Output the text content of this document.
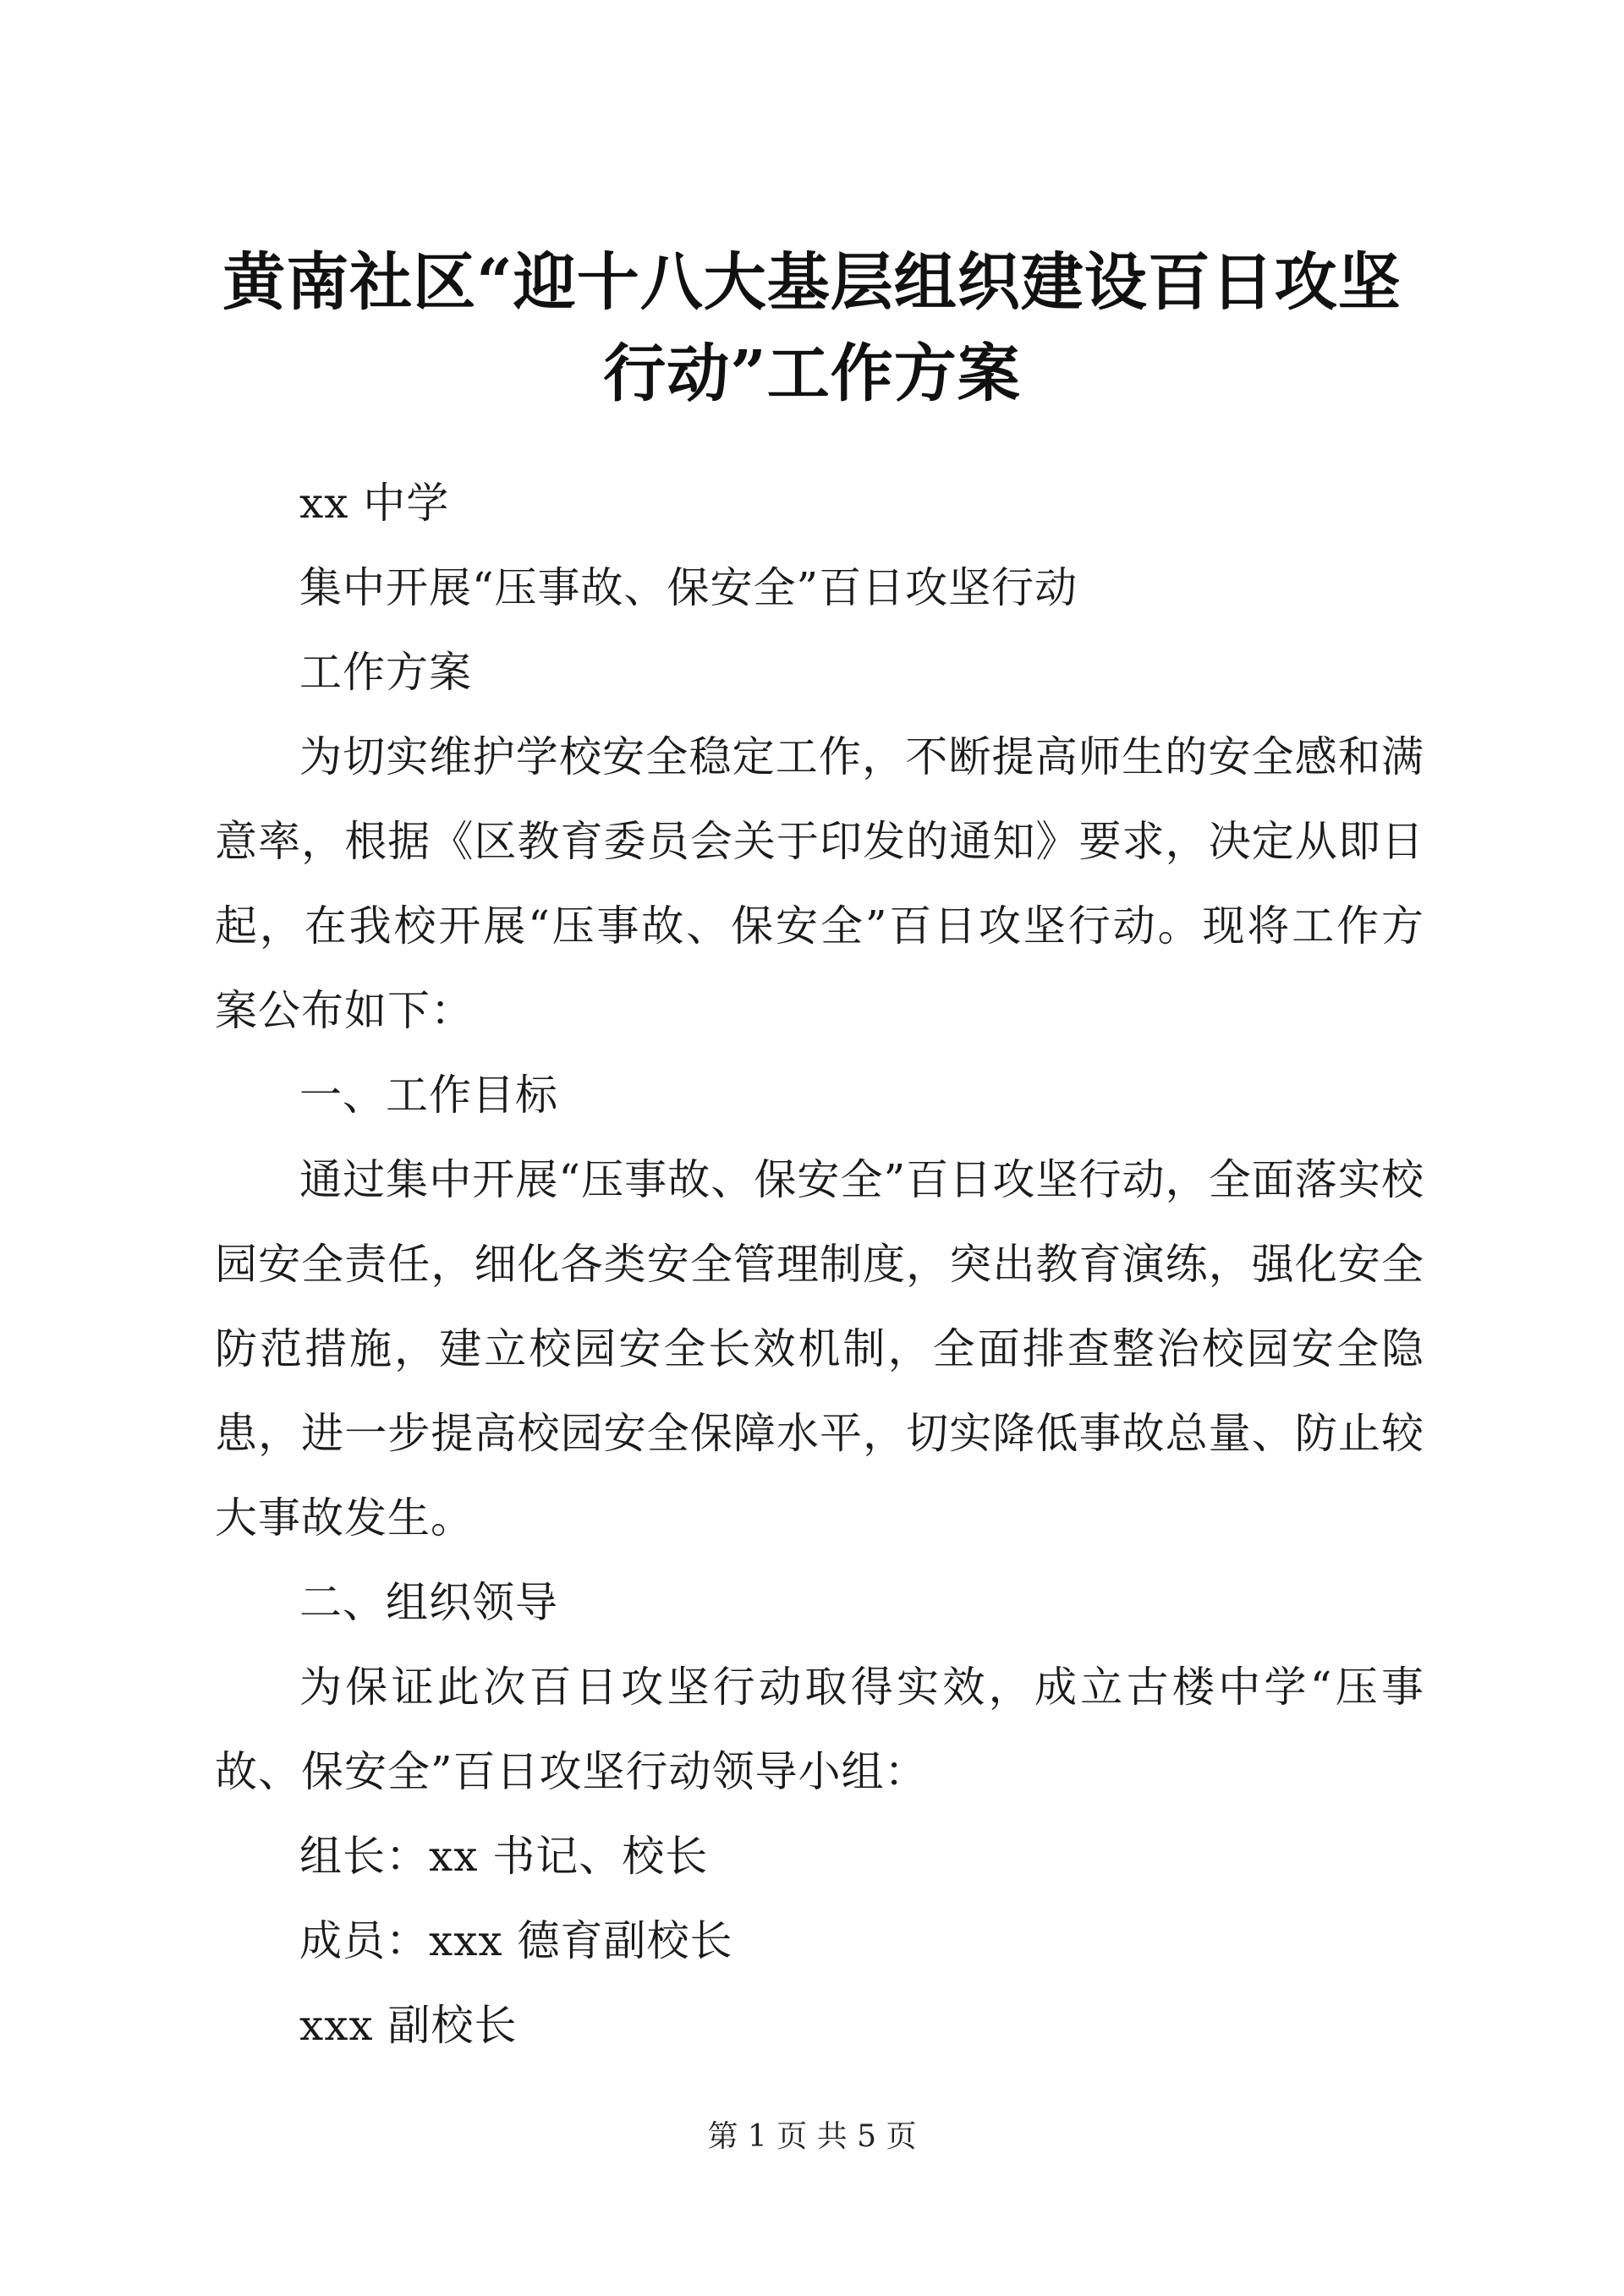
黄南社区“迎十八大基层组织建设百日攻坚行动”工作方案

xx 中学

集中开展“压事故、保安全”百日攻坚行动

工作方案

为切实维护学校安全稳定工作，不断提高师生的安全感和满意率，根据《区教育委员会关于印发的通知》要求，决定从即日起，在我校开展“压事故、保安全”百日攻坚行动。现将工作方案公布如下：

一、工作目标

通过集中开展“压事故、保安全”百日攻坚行动，全面落实校园安全责任，细化各类安全管理制度，突出教育演练，强化安全防范措施，建立校园安全长效机制，全面排查整治校园安全隐患，进一步提高校园安全保障水平，切实降低事故总量、防止较大事故发生。

二、组织领导

为保证此次百日攻坚行动取得实效，成立古楼中学“压事故、保安全”百日攻坚行动领导小组：

组长：xx 书记、校长

成员：xxx 德育副校长

xxx 副校长

第 1 页 共 5 页
